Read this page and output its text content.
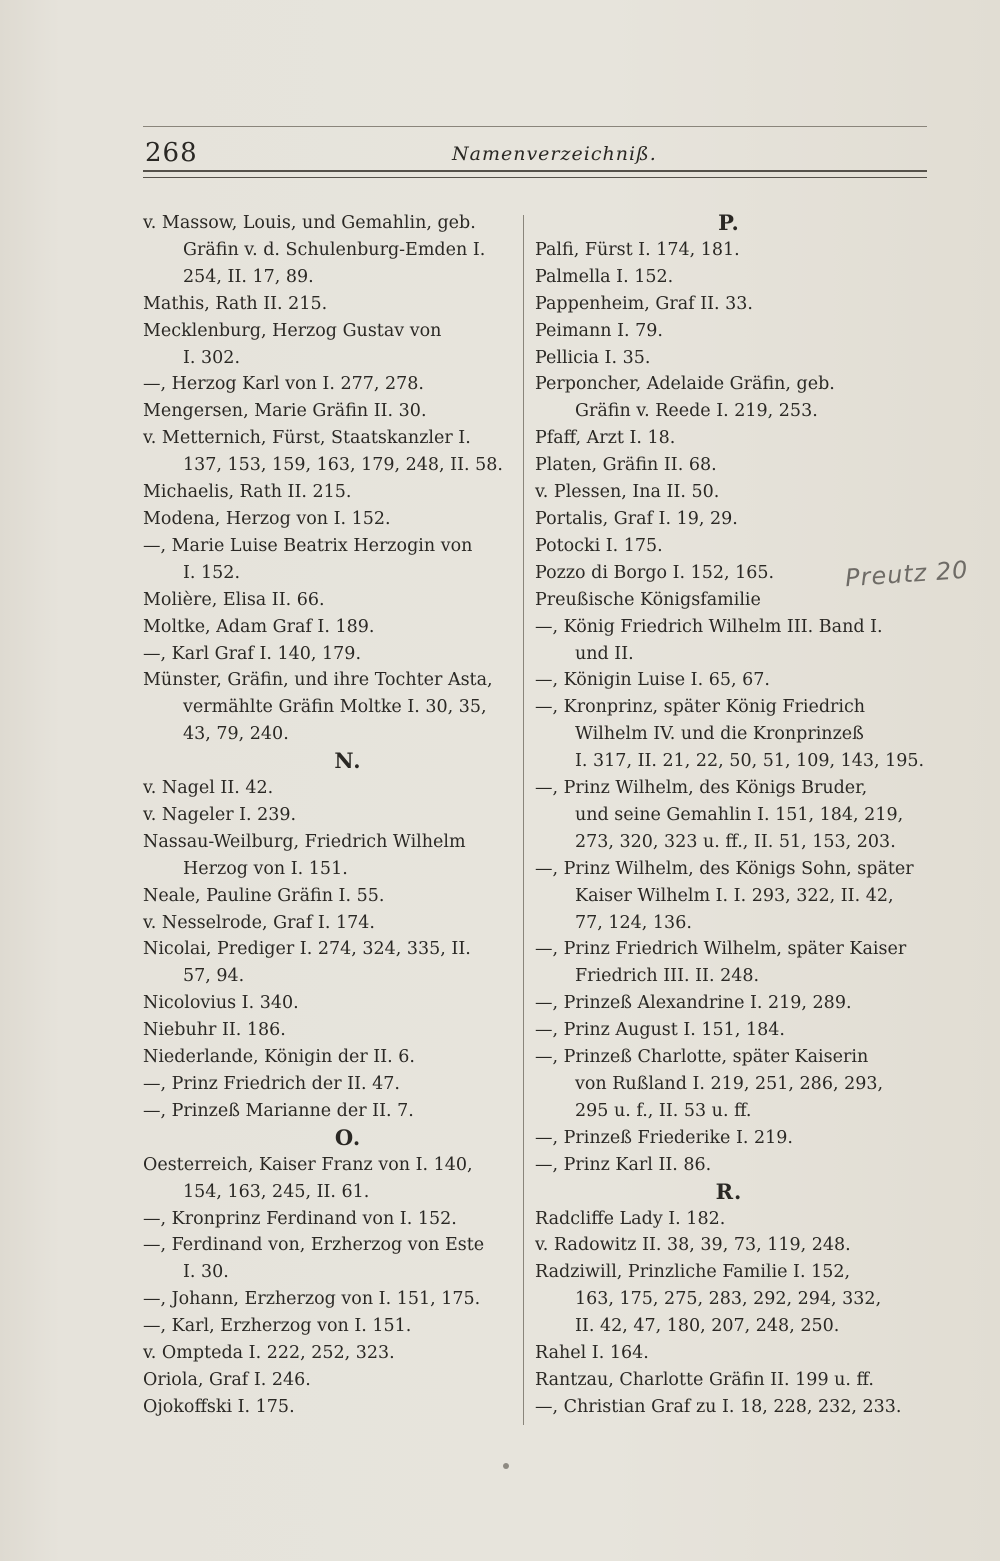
268	Namenverzeichniß.
v. Massow, Louis, und Gemahlin, geb.
Gräfin v. d. Schulenburg-Emden I.
254, II. 17, 89.
Mathis, Rath II. 215.
Mecklenburg, Herzog Gustav von
I. 302.
—, Herzog Karl von I. 277, 278.
Mengersen, Marie Gräfin II. 30.
v. Metternich, Fürst, Staatskanzler I.
137, 153, 159, 163, 179, 248, II. 58.
Michaelis, Rath II. 215.
Modena, Herzog von I. 152.
—, Marie Luise Beatrix Herzogin von
I. 152.
Molière, Elisa II. 66.
Moltke, Adam Graf I. 189.
—, Karl Graf I. 140, 179.
Münster, Gräfin, und ihre Tochter Asta,
vermählte Gräfin Moltke I. 30, 35,
43, 79, 240.
N.
v. Nagel II. 42.
v. Nageler I. 239.
Nassau-Weilburg, Friedrich Wilhelm
Herzog von I. 151.
Neale, Pauline Gräfin I. 55.
v. Nesselrode, Graf I. 174.
Nicolai, Prediger I. 274, 324, 335, II.
57, 94.
Nicolovius I. 340.
Niebuhr II. 186.
Niederlande, Königin der II. 6.
—, Prinz Friedrich der II. 47.
—, Prinzeß Marianne der II. 7.
O.
Oesterreich, Kaiser Franz von I. 140,
154, 163, 245, II. 61.
—, Kronprinz Ferdinand von I. 152.
—, Ferdinand von, Erzherzog von Este
I. 30.
—, Johann, Erzherzog von I. 151, 175.
—, Karl, Erzherzog von I. 151.
v. Ompteda I. 222, 252, 323.
Oriola, Graf I. 246.
Ojokoffski I. 175.
P.
Palfi, Fürst I. 174, 181.
Palmella I. 152.
Pappenheim, Graf II. 33.
Peimann I. 79.
Pellicia I. 35.
Perponcher, Adelaide Gräfin, geb.
Gräfin v. Reede I. 219, 253.
Pfaff, Arzt I. 18.
Platen, Gräfin II. 68.
v. Plessen, Ina II. 50.
Portalis, Graf I. 19, 29.
Potocki I. 175.
Pozzo di Borgo I. 152, 165.
Preußische Königsfamilie
—, König Friedrich Wilhelm III. Band I.
und II.
—, Königin Luise I. 65, 67.
—, Kronprinz, später König Friedrich
Wilhelm IV. und die Kronprinzeß
I. 317, II. 21, 22, 50, 51, 109, 143, 195.
—, Prinz Wilhelm, des Königs Bruder,
und seine Gemahlin I. 151, 184, 219,
273, 320, 323 u. ff., II. 51, 153, 203.
—, Prinz Wilhelm, des Königs Sohn, später
Kaiser Wilhelm I. I. 293, 322, II. 42,
77, 124, 136.
—, Prinz Friedrich Wilhelm, später Kaiser
Friedrich III. II. 248.
—, Prinzeß Alexandrine I. 219, 289.
—, Prinz August I. 151, 184.
—, Prinzeß Charlotte, später Kaiserin
von Rußland I. 219, 251, 286, 293,
295 u. f., II. 53 u. ff.
—, Prinzeß Friederike I. 219.
—, Prinz Karl II. 86.
R.
Radcliffe Lady I. 182.
v. Radowitz II. 38, 39, 73, 119, 248.
Radziwill, Prinzliche Familie I. 152,
163, 175, 275, 283, 292, 294, 332,
II. 42, 47, 180, 207, 248, 250.
Rahel I. 164.
Rantzau, Charlotte Gräfin II. 199 u. ff.
—, Christian Graf zu I. 18, 228, 232, 233.
Preutz 20
